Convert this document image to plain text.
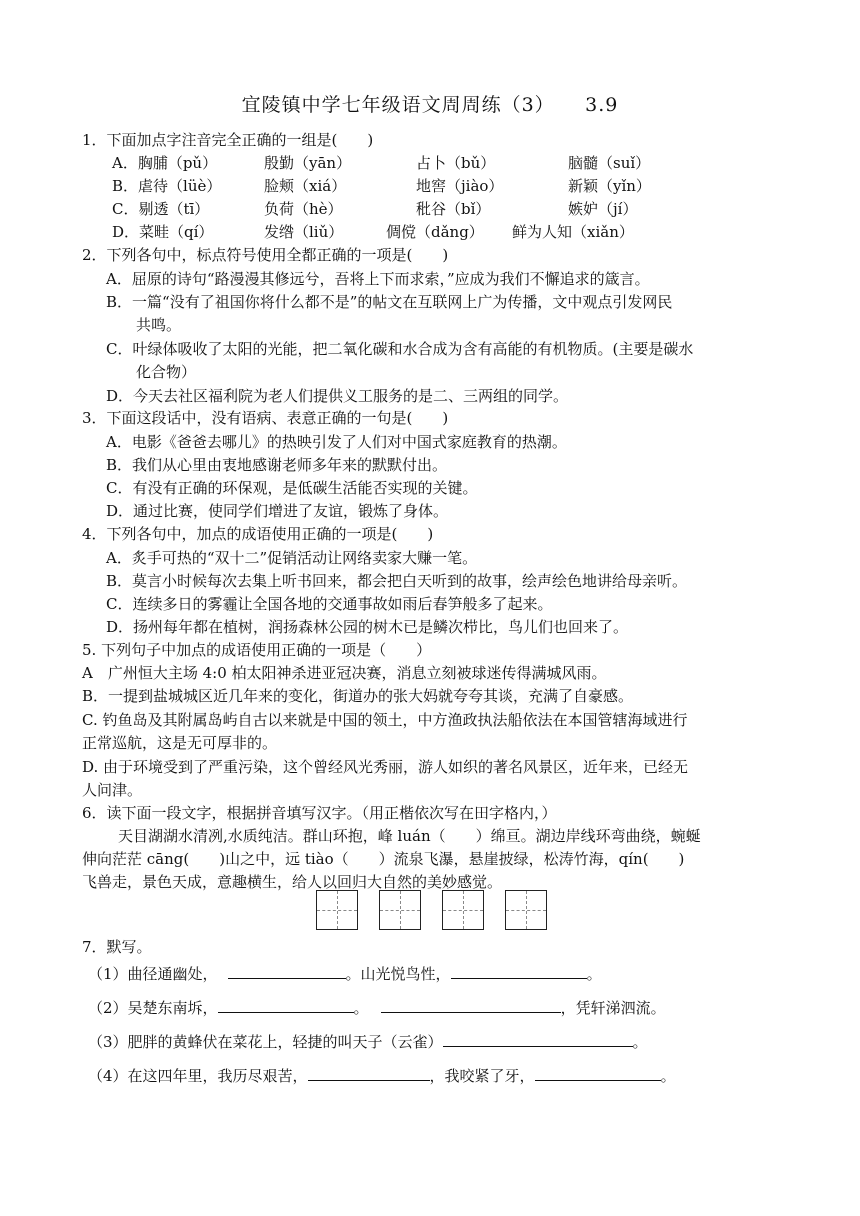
宜陵镇中学七年级语文周周练（3）　　3.9
1．下面加点字注音完全正确的一组是(　　)
A．胸脯（pǔ）	殷勤（yān）	占卜（bǔ）	脑髓（suǐ）
B．虐待（lüè）	脸颊（xiá）	地窖（jiào）	新颖（yǐn）
C．剔透（tī）	负荷（hè）	秕谷（bǐ）	嫉妒（jí）
D．菜畦（qí）	发绺（liǔ）	倜傥（dǎng） 鲜为人知（xiǎn）
2．下列各句中，标点符号使用全都正确的一项是(　　)
A．屈原的诗句“路漫漫其修远兮，吾将上下而求索，”应成为我们不懈追求的箴言。
B．一篇“没有了祖国你将什么都不是”的帖文在互联网上广为传播，文中观点引发网民
共鸣。
C．叶绿体吸收了太阳的光能，把二氧化碳和水合成为含有高能的有机物质。(主要是碳水
化合物）
D．今天去社区福利院为老人们提供义工服务的是二、三两组的同学。
3．下面这段话中，没有语病、表意正确的一句是(　　)
A．电影《爸爸去哪儿》的热映引发了人们对中国式家庭教育的热潮。
B．我们从心里由衷地感谢老师多年来的默默付出。
C．有没有正确的环保观，是低碳生活能否实现的关键。
D．通过比赛，使同学们增进了友谊，锻炼了身体。
4．下列各句中，加点的成语使用正确的一项是(　　)
A．炙手可热的“双十二”促销活动让网络卖家大赚一笔。
B．莫言小时候每次去集上听书回来，都会把白天听到的故事，绘声绘色地讲给母亲听。
C．连续多日的雾霾让全国各地的交通事故如雨后春笋般多了起来。
D．扬州每年都在植树，润扬森林公园的树木已是鳞次栉比，鸟儿们也回来了。
5. 下列句子中加点的成语使用正确的一项是（　　）
A　广州恒大主场 4:0 柏太阳神杀进亚冠决赛，消息立刻被球迷传得满城风雨。
B．一提到盐城城区近几年来的变化，街道办的张大妈就夸夸其谈，充满了自豪感。
C. 钓鱼岛及其附属岛屿自古以来就是中国的领土，中方渔政执法船依法在本国管辖海域进行
正常巡航，这是无可厚非的。
D. 由于环境受到了严重污染，这个曾经风光秀丽，游人如织的著名风景区，近年来，已经无
人问津。
6．读下面一段文字，根据拼音填写汉字。（用正楷依次写在田字格内，）
天目湖湖水清冽,水质纯洁。群山环抱，峰 luán（　　）绵亘。湖边岸线环弯曲绕，蜿蜒
伸向茫茫 cāng(　　)山之中，远 tiào（　　）流泉飞瀑，悬崖披绿，松涛竹海，qín(　　)
飞兽走，景色天成，意趣横生，给人以回归大自然的美妙感觉。
7．默写。
（1）曲径通幽处，	。山光悦鸟性，	。
（2）吴楚东南坼，	。	，凭轩涕泗流。
（3）肥胖的黄蜂伏在菜花上，轻捷的叫天子（云雀）	。
（4）在这四年里，我历尽艰苦，	，我咬紧了牙，	。
